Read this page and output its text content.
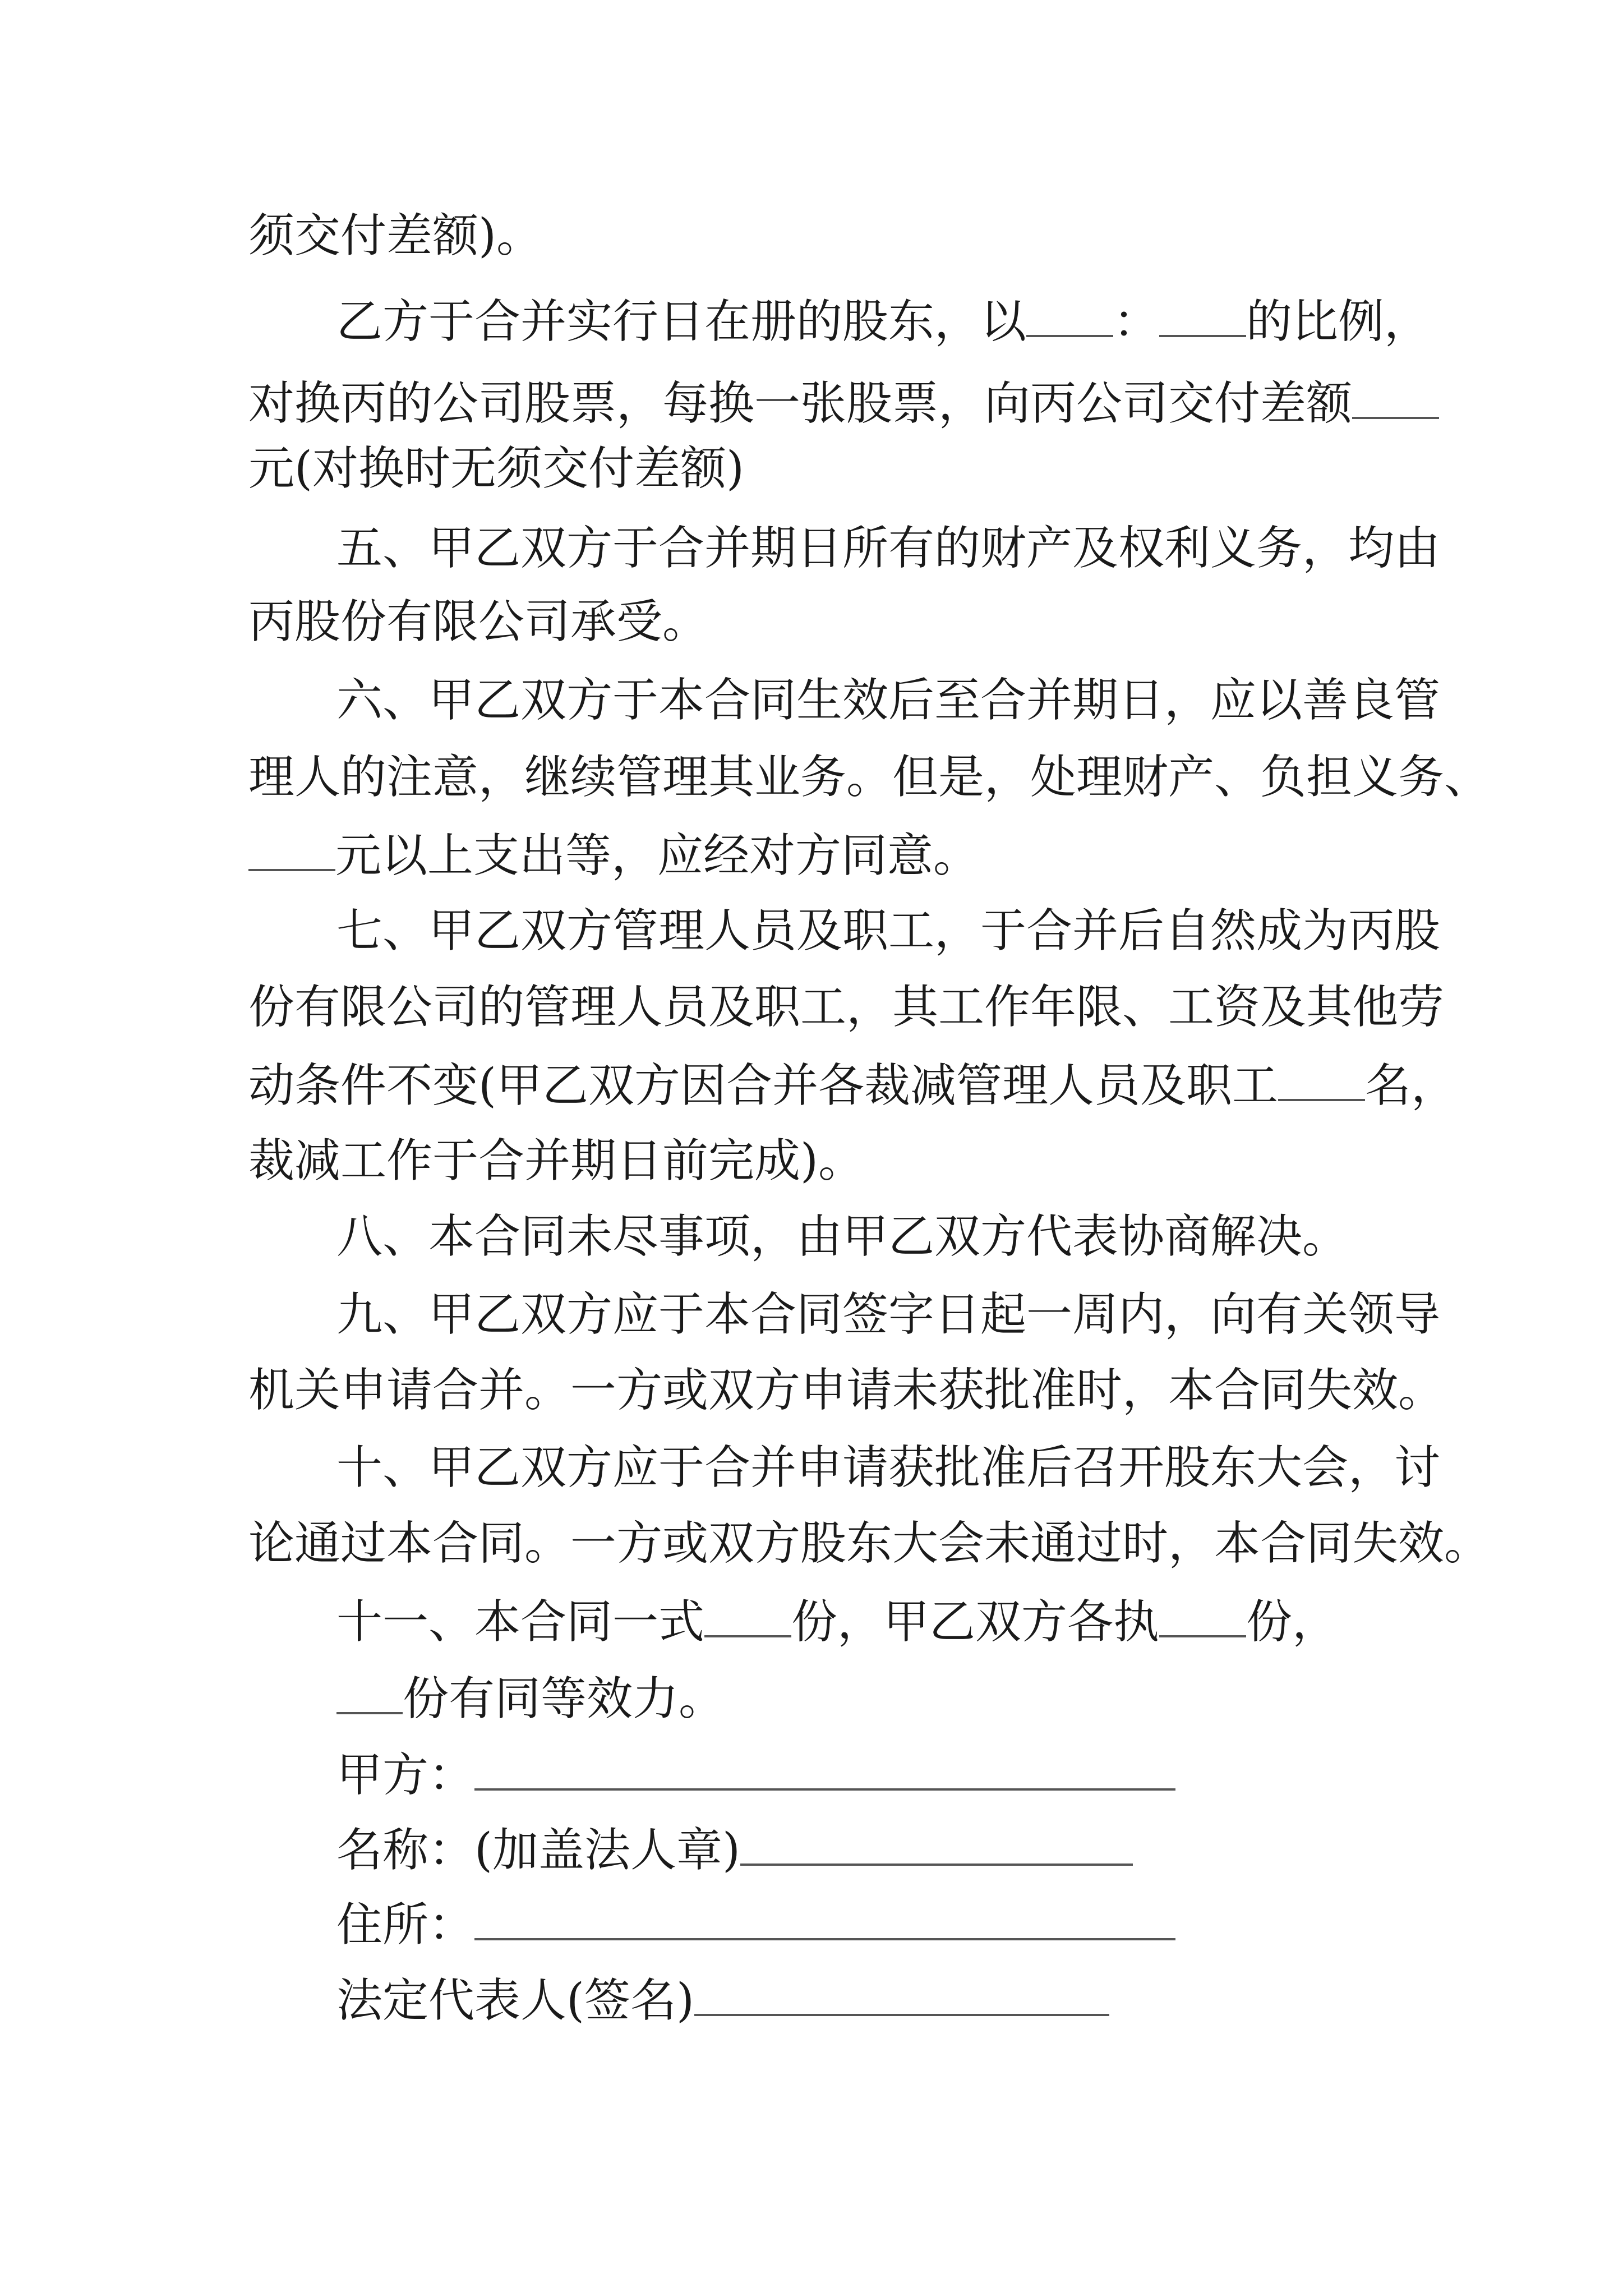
须交付差额)。

乙方于合并实行日在册的股东，以 ： 的比例，

对换丙的公司股票，每换一张股票，向丙公司交付差额

元(对换时无须交付差额)

五、甲乙双方于合并期日所有的财产及权利义务，均由

丙股份有限公司承受。

六、甲乙双方于本合同生效后至合并期日，应以善良管

理人的注意，继续管理其业务。但是，处理财产、负担义务、

元以上支出等，应经对方同意。

七、甲乙双方管理人员及职工，于合并后自然成为丙股

份有限公司的管理人员及职工，其工作年限、工资及其他劳

动条件不变(甲乙双方因合并各裁减管理人员及职工 名，

裁减工作于合并期日前完成)。

八、本合同未尽事项，由甲乙双方代表协商解决。

九、甲乙双方应于本合同签字日起一周内，向有关领导

机关申请合并。一方或双方申请未获批准时，本合同失效。

十、甲乙双方应于合并申请获批准后召开股东大会，讨

论通过本合同。一方或双方股东大会未通过时，本合同失效。

十一、本合同一式 份，甲乙双方各执 份，

份有同等效力。

甲方：

名称：(加盖法人章)

住所：

法定代表人(签名)
